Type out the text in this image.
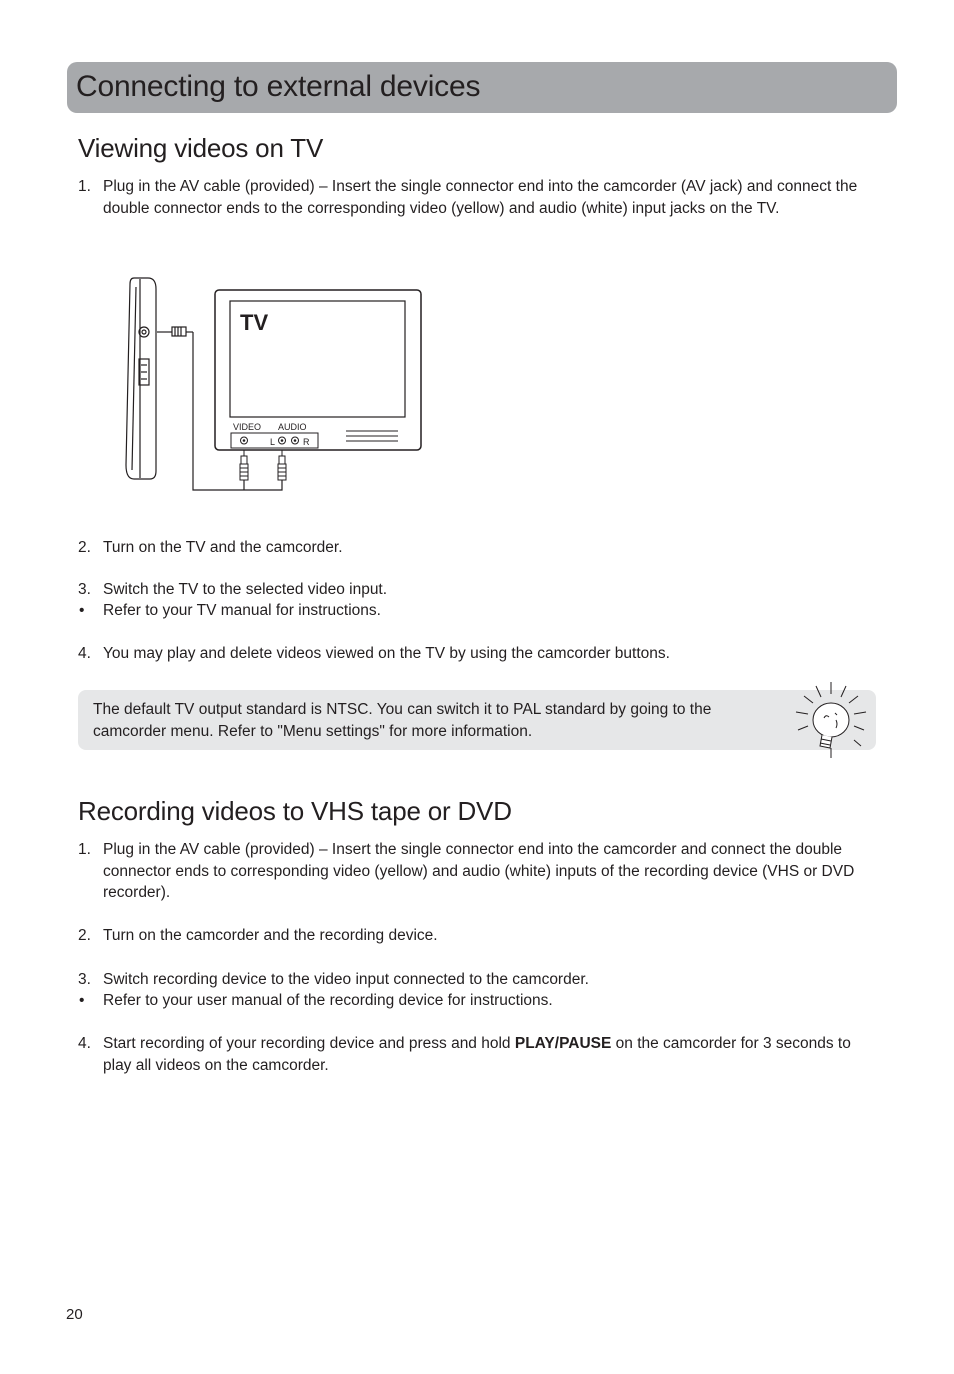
Connecting to external devices
Viewing videos on TV
1. Plug in the AV cable (provided) – Insert the single connector end into the camcorder (AV jack) and connect the double connector ends to the corresponding video (yellow) and audio (white) input jacks on the TV.
TV
VIDEO AUDIO
L	R
2. Turn on the TV and the camcorder.
3. Switch the TV to the selected video input.
•	Refer to your TV manual for instructions.
4. You may play and delete videos viewed on the TV by using the camcorder buttons.
The default TV output standard is NTSC. You can switch it to PAL standard by going to the camcorder menu. Refer to "Menu settings" for more information.
Recording videos to VHS tape or DVD
1. Plug in the AV cable (provided) – Insert the single connector end into the camcorder and connect the double connector ends to corresponding video (yellow) and audio (white) inputs of the recording device (VHS or DVD recorder).
2. Turn on the camcorder and the recording device.
3. Switch recording device to the video input connected to the camcorder.
•	Refer to your user manual of the recording device for instructions.
4. Start recording of your recording device and press and hold PLAY/PAUSE on the camcorder for 3 seconds to play all videos on the camcorder.
20
